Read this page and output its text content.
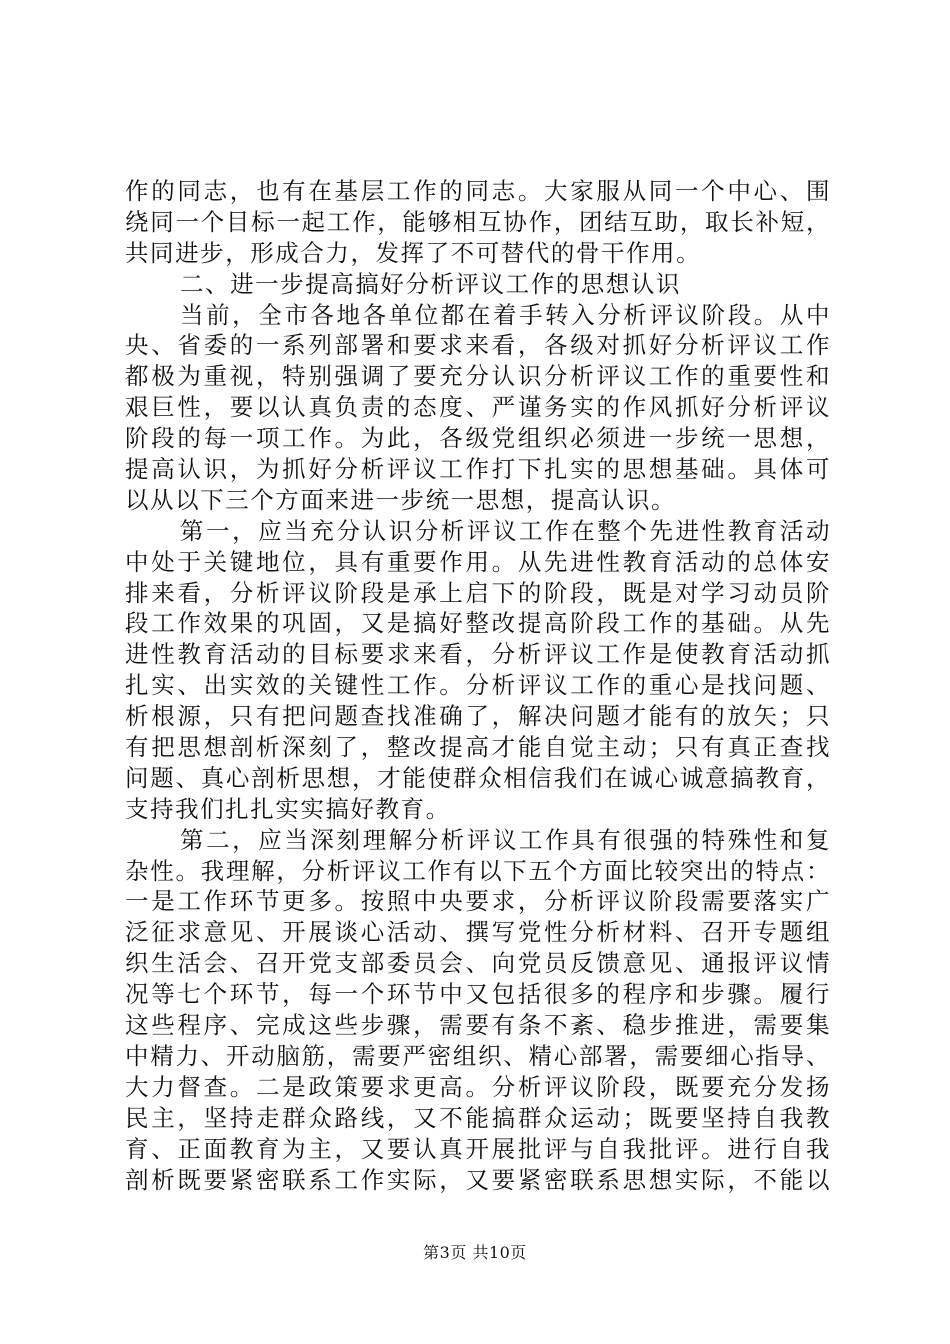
作的同志，也有在基层工作的同志。大家服从同一个中心、围
绕同一个目标一起工作，能够相互协作，团结互助，取长补短，
共同进步，形成合力，发挥了不可替代的骨干作用。
二、进一步提高搞好分析评议工作的思想认识
当前，全市各地各单位都在着手转入分析评议阶段。从中
央、省委的一系列部署和要求来看，各级对抓好分析评议工作
都极为重视，特别强调了要充分认识分析评议工作的重要性和
艰巨性，要以认真负责的态度、严谨务实的作风抓好分析评议
阶段的每一项工作。为此，各级党组织必须进一步统一思想，
提高认识，为抓好分析评议工作打下扎实的思想基础。具体可
以从以下三个方面来进一步统一思想，提高认识。
第一，应当充分认识分析评议工作在整个先进性教育活动
中处于关键地位，具有重要作用。从先进性教育活动的总体安
排来看，分析评议阶段是承上启下的阶段，既是对学习动员阶
段工作效果的巩固，又是搞好整改提高阶段工作的基础。从先
进性教育活动的目标要求来看，分析评议工作是使教育活动抓
扎实、出实效的关键性工作。分析评议工作的重心是找问题、
析根源，只有把问题查找准确了，解决问题才能有的放矢；只
有把思想剖析深刻了，整改提高才能自觉主动；只有真正查找
问题、真心剖析思想，才能使群众相信我们在诚心诚意搞教育，
支持我们扎扎实实搞好教育。
第二，应当深刻理解分析评议工作具有很强的特殊性和复
杂性。我理解，分析评议工作有以下五个方面比较突出的特点：
一是工作环节更多。按照中央要求，分析评议阶段需要落实广
泛征求意见、开展谈心活动、撰写党性分析材料、召开专题组
织生活会、召开党支部委员会、向党员反馈意见、通报评议情
况等七个环节，每一个环节中又包括很多的程序和步骤。履行
这些程序、完成这些步骤，需要有条不紊、稳步推进，需要集
中精力、开动脑筋，需要严密组织、精心部署，需要细心指导、
大力督查。二是政策要求更高。分析评议阶段，既要充分发扬
民主，坚持走群众路线，又不能搞群众运动；既要坚持自我教
育、正面教育为主，又要认真开展批评与自我批评。进行自我
剖析既要紧密联系工作实际，又要紧密联系思想实际，不能以
第3页 共10页
